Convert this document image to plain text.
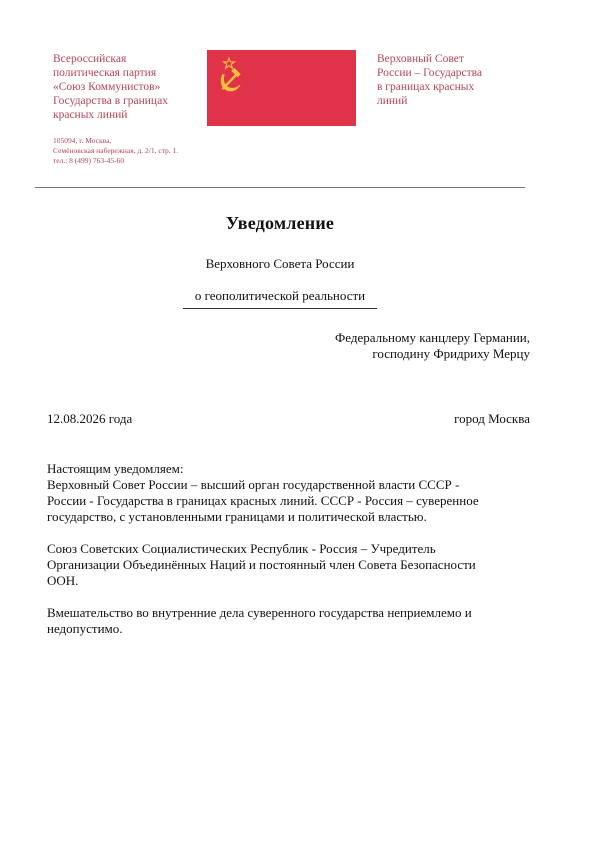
Всероссийская
политическая партия
«Союз Коммунистов»
Государства в границах
красных линий
105094, г. Москва,
Семёновская набережная, д. 2/1, стр. 1.
тел.: 8 (499) 763-45-60
Верховный Совет
России – Государства
в границах красных
линий
Уведомление
Верховного Совета России
о геополитической реальности
Федеральному канцлеру Германии,
господину Фридриху Мерцу
12.08.2026 года	город Москва

Настоящим уведомляем:
Верховный Совет России – высший орган государственной власти СССР -
России - Государства в границах красных линий. СССР - Россия – суверенное
государство, с установленными границами и политической властью.

Союз Советских Социалистических Республик - Россия – Учредитель
Организации Объединённых Наций и постоянный член Совета Безопасности
ООН.

Вмешательство во внутренние дела суверенного государства неприемлемо и
недопустимо.
